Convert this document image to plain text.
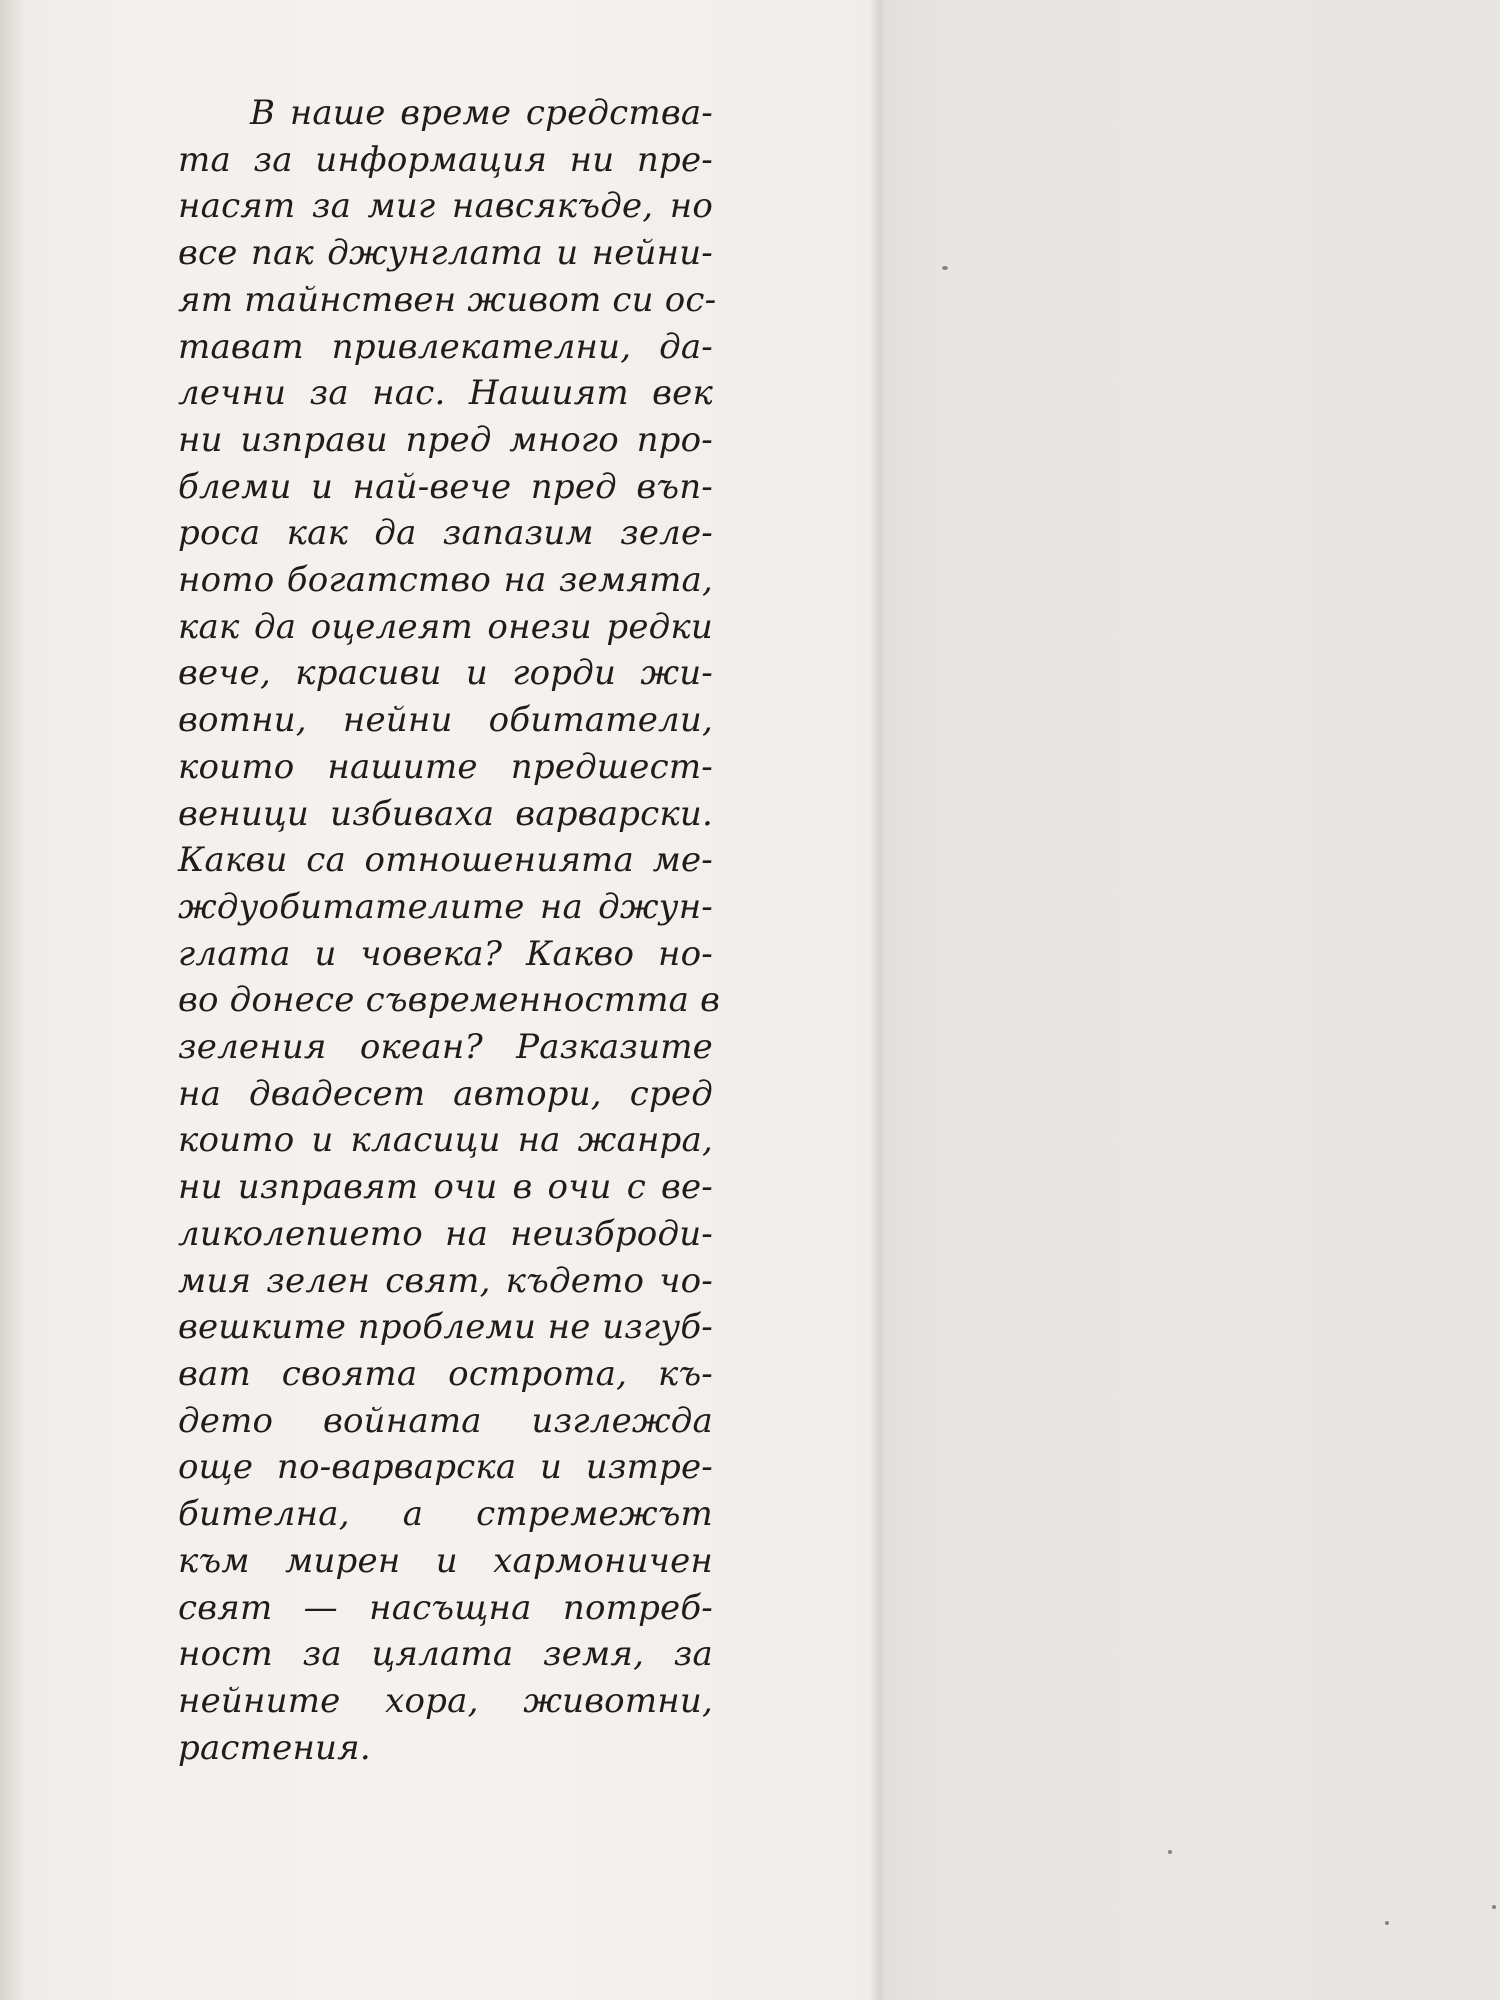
В наше време средства-
та за информация ни пре-
насят за миг навсякъде, но
все пак джунглата и нейни-
ят тайнствен живот си ос-
тават привлекателни, да-
лечни за нас. Нашият век
ни изправи пред много про-
блеми и най-вече пред въп-
роса как да запазим зеле-
ното богатство на земята,
как да оцелеят онези редки
вече, красиви и горди жи-
вотни, нейни обитатели,
които нашите предшест-
веници избиваха варварски.
Какви са отношенията ме-
ждуобитателите на джун-
глата и човека? Какво но-
во донесе съвременността в
зеления океан? Разказите
на двадесет автори, сред
които и класици на жанра,
ни изправят очи в очи с ве-
ликолепието на неизброди-
мия зелен свят, където чо-
вешките проблеми не изгуб-
ват своята острота, къ-
дето войната изглежда
още по-варварска и изтре-
бителна, а стремежът
към мирен и хармоничен
свят — насъщна потреб-
ност за цялата земя, за
нейните хора, животни,
растения.
